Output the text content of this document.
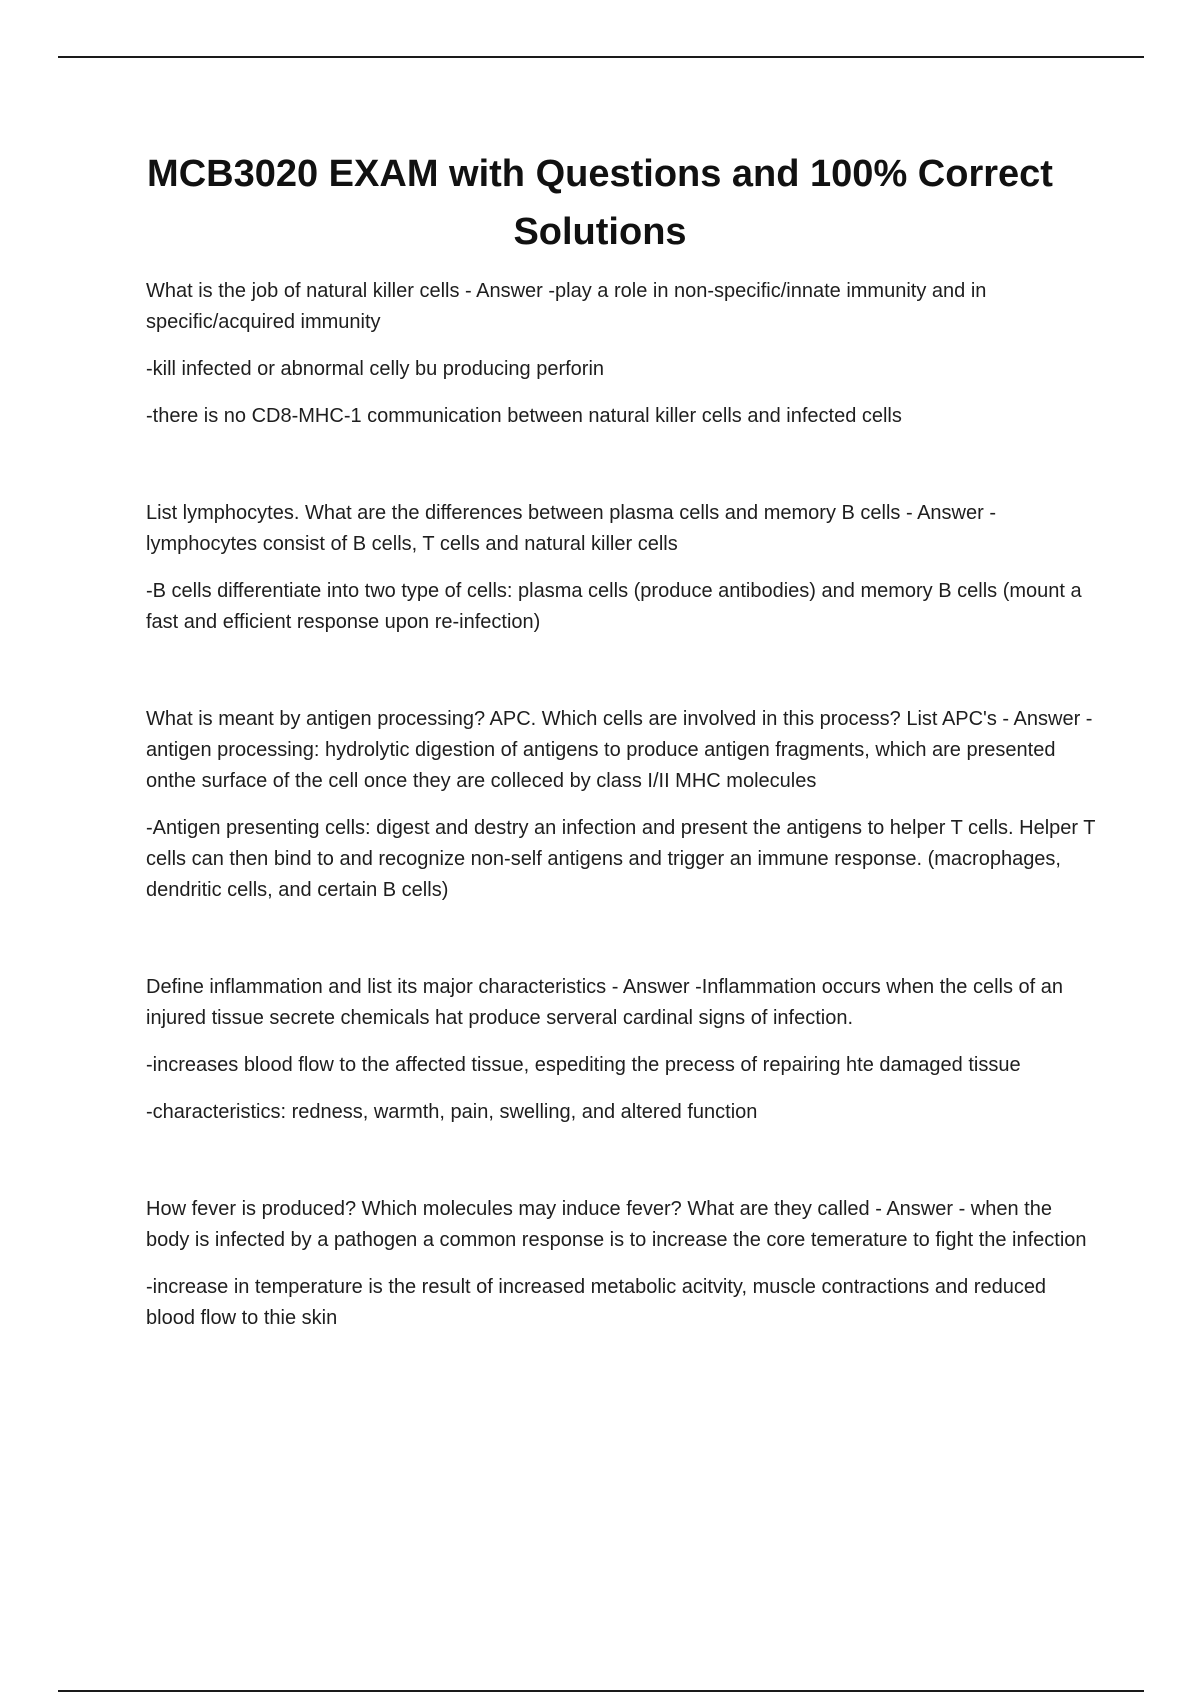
MCB3020 EXAM with Questions and 100% Correct Solutions

What is the job of natural killer cells - Answer -play a role in non-specific/innate immunity and in specific/acquired immunity

-kill infected or abnormal celly bu producing perforin

-there is no CD8-MHC-1 communication between natural killer cells and infected cells

List lymphocytes. What are the differences between plasma cells and memory B cells - Answer - lymphocytes consist of B cells, T cells and natural killer cells

-B cells differentiate into two type of cells: plasma cells (produce antibodies) and memory B cells (mount a fast and efficient response upon re-infection)

What is meant by antigen processing? APC. Which cells are involved in this process? List APC's - Answer -antigen processing: hydrolytic digestion of antigens to produce antigen fragments, which are presented onthe surface of the cell once they are colleced by class I/II MHC molecules

-Antigen presenting cells: digest and destry an infection and present the antigens to helper T cells. Helper T cells can then bind to and recognize non-self antigens and trigger an immune response. (macrophages, dendritic cells, and certain B cells)

Define inflammation and list its major characteristics - Answer -Inflammation occurs when the cells of an injured tissue secrete chemicals hat produce serveral cardinal signs of infection.

-increases blood flow to the affected tissue, espediting the precess of repairing hte damaged tissue

-characteristics: redness, warmth, pain, swelling, and altered function

How fever is produced? Which molecules may induce fever? What are they called - Answer - when the body is infected by a pathogen a common response is to increase the core temerature to fight the infection

-increase in temperature is the result of increased metabolic acitvity, muscle contractions and reduced blood flow to thie skin
